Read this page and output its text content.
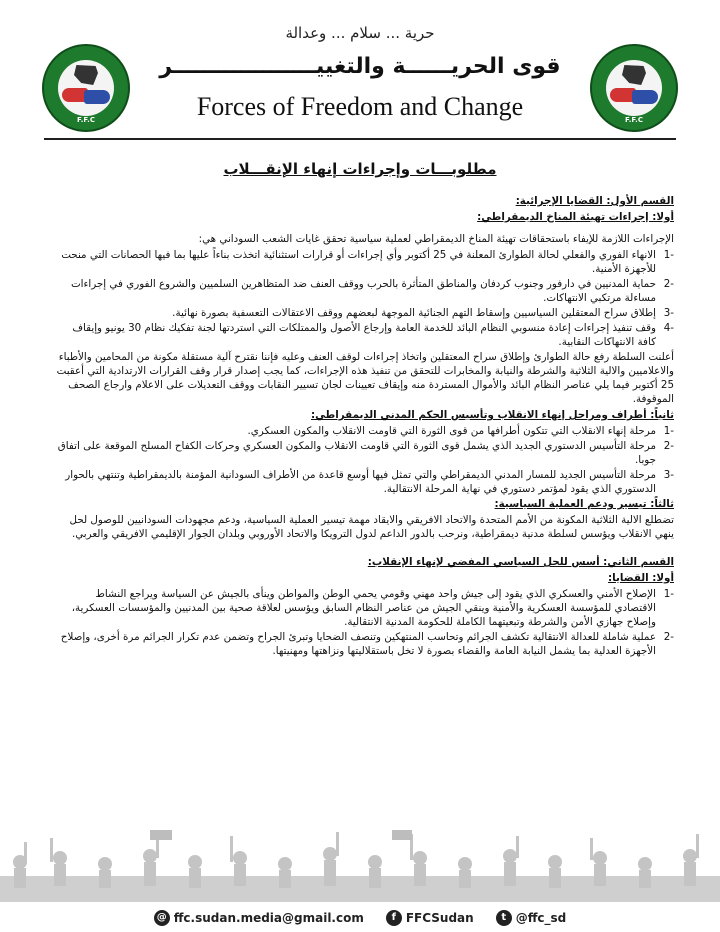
F.F.C	F.F.C
حرية ... سلام ... وعدالة
قوى الحريــــــة والتغييـــــــــــــــــــر
Forces of Freedom and Change
مطلوبـــات وإجراءات إنهاء الإنقـــلاب

القسم الأول: القضايا الإجرائية:

أولا: إجراءات تهيئة المناخ الديمقراطي:

الإجراءات اللازمة للإيفاء باستحقاقات تهيئة المناخ الديمقراطي لعملية سياسية تحقق غايات الشعب السوداني هي:

-1
الانهاء الفوري والفعلي لحالة الطوارئ المعلنة في 25 أكتوبر وأي إجراءات أو قرارات استثنائية اتخذت بناءاً عليها بما فيها الحصانات التي منحت للأجهزة الأمنية.
-2
حماية المدنيين في دارفور وجنوب كردفان والمناطق المتأثرة بالحرب ووقف العنف ضد المتظاهرين السلميين والشروع الفوري في إجراءات مساءلة مرتكبي الانتهاكات.
-3
إطلاق سراح المعتقلين السياسيين وإسقاط التهم الجنائية الموجهة لبعضهم ووقف الاعتقالات التعسفية بصورة نهائية.
-4
وقف تنفيذ إجراءات إعادة منسوبي النظام البائد للخدمة العامة وإرجاع الأصول والممتلكات التي استردتها لجنة تفكيك نظام 30 يونيو وإيقاف كافة الانتهاكات النقابية.

أعلنت السلطة رفع حالة الطوارئ وإطلاق سراح المعتقلين واتخاذ إجراءات لوقف العنف وعليه فإننا نقترح آلية مستقلة مكونة من المحامين والأطباء والاعلاميين والالية الثلاثية والشرطة والنيابة والمخابرات للتحقق من تنفيذ هذه الإجراءات، كما يجب إصدار قرار وقف القرارات الارتدادية التي أعقبت 25 أكتوبر فيما يلي عناصر النظام البائد والأموال المستردة منه وإيقاف تعيينات لجان تسيير النقابات ووقف التعديلات على الاعلام وارجاع الصحف الموقوفة.

ثانياً: أطراف ومراحل إنهاء الانقلاب وتأسيس الحكم المدني الديمقراطي:

-1
مرحلة إنهاء الانقلاب التي تتكون أطرافها من قوى الثورة التي قاومت الانقلاب والمكون العسكري.
-2
مرحلة التأسيس الدستوري الجديد الذي يشمل قوى الثورة التي قاومت الانقلاب والمكون العسكري وحركات الكفاح المسلح الموقعة على اتفاق جوبا.
-3
مرحلة التأسيس الجديد للمسار المدني الديمقراطي والتي تمثل فيها أوسع قاعدة من الأطراف السودانية المؤمنة بالديمقراطية وتنتهي بالحوار الدستوري الذي يقود لمؤتمر دستوري في نهاية المرحلة الانتقالية.

ثالثاً: تيسير ودعم العملية السياسية:

تضطلع الالية الثلاثية المكونة من الأمم المتحدة والاتحاد الافريقي والايقاد مهمة تيسير العملية السياسية، ودعم مجهودات السودانيين للوصول لحل ينهي الانقلاب ويؤسس لسلطة مدنية ديمقراطية، ونرحب بالدور الداعم لدول الترويكا والاتحاد الأوروبي وبلدان الجوار الإقليمي الافريقي والعربي.

القسم الثاني: أسس للحل السياسي المفضي لإنهاء الإنقلاب:

أولا: القضايا:

-1
الإصلاح الأمني والعسكري الذي يقود إلى جيش واحد مهني وقومي يحمي الوطن والمواطن وينأى بالجيش عن السياسة ويراجع النشاط الاقتصادي للمؤسسة العسكرية والأمنية وينقي الجيش من عناصر النظام السابق ويؤسس لعلاقة صحية بين المدنيين والمؤسسات العسكرية، وإصلاح جهازي الأمن والشرطة وتبعيتهما الكاملة للحكومة المدنية الانتقالية.
-2
عملية شاملة للعدالة الانتقالية تكشف الجرائم وتحاسب المنتهكين وتنصف الضحايا وتبرئ الجراح وتضمن عدم تكرار الجرائم مرة أخرى، وإصلاح الأجهزة العدلية بما يشمل النيابة العامة والقضاء بصورة لا تخل باستقلاليتها ونزاهتها ومهنيتها.
@ ffc.sudan.media@gmail.com	f FFCSudan	t @ffc_sd
